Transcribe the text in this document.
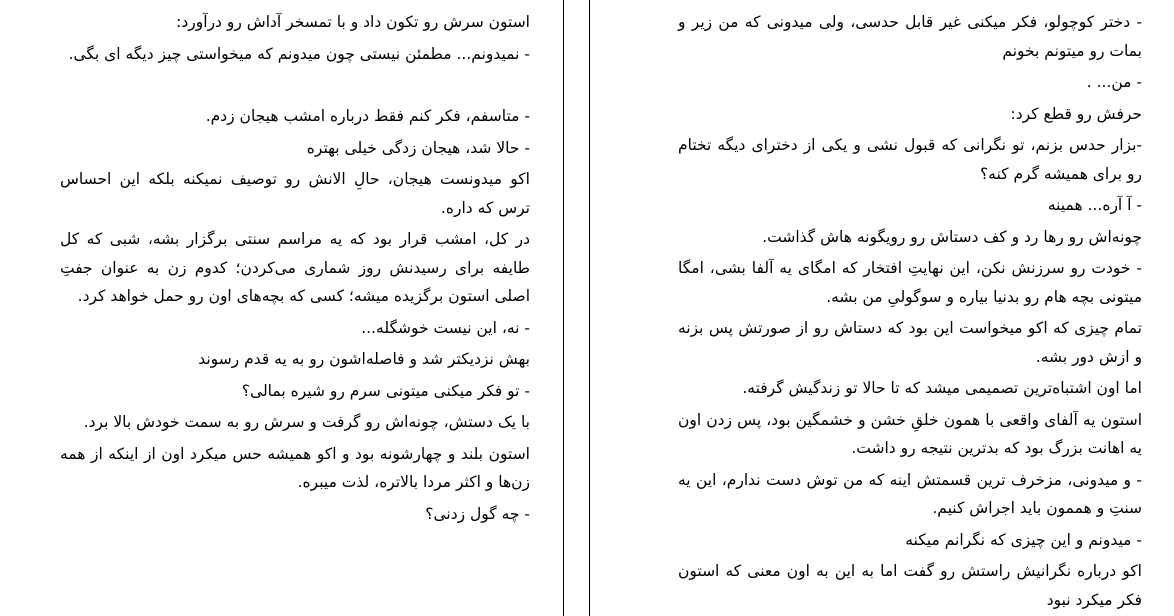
استون سرش رو تکون داد و با تمسخر آداش رو درآورد:

- نمیدونم... مطمئن نیستی چون میدونم که میخواستی چیز دیگه ای بگی.

- متاسفم، فکر کنم فقط درباره امشب هیجان زدم.

- حالا شد، هیجان زدگی خیلی بهتره

اکو میدونست هیجان، حالِ الانش رو توصیف نمیکنه بلکه این احساس ترس که داره.

در کل، امشب قرار بود که یه مراسم سنتی برگزار بشه، شبی که کل طایفه برای رسیدنش روز شماری می‌کردن؛ کدوم زن به عنوان جفتِ اصلی استون برگزیده میشه؛ کسی که بچه‌های اون رو حمل خواهد کرد.

- نه، این نیست خوشگله...

بهش نزدیکتر شد و فاصله‌اشون رو به یه قدم رسوند

- تو فکر میکنی میتونی سرم رو شیره بمالی؟

با یک دستش، چونه‌اش رو گرفت و سرش رو به سمت خودش بالا برد.

استون بلند و چهارشونه بود و اکو همیشه حس میکرد اون از اینکه از همه زن‌ها و اکثر مردا بالاتره، لذت میبره.

- چه گول زدنی؟

- دختر کوچولو، فکر میکنی غیر قابل حدسی، ولی میدونی که من زیر و بمات رو میتونم بخونم

- من... .

حرفش رو قطع کرد:

-بزار حدس بزنم، تو نگرانی که قبول نشی و یکی از دخترای دیگه تختام رو برای همیشه گرم کنه؟

- آ آره... همینه

چونه‌اش رو رها رد و کف دستاش رو رویگونه هاش گذاشت.

- خودت رو سرزنش نکن، این نهایتِ افتخار که امگای یه آلفا بشی، امگا میتونی بچه هام رو بدنیا بیاره و سوگولیِ من بشه.

تمام چیزی که اکو میخواست این بود که دستاش رو از صورتش پس بزنه و ازش دور بشه.

اما اون اشتباه‌ترین تصمیمی میشد که تا حالا تو زندگیش گرفته.

استون یه آلفای واقعی با همون خلقِ خشن و خشمگین بود، پس زدن اون یه اهانت بزرگ بود که بدترین نتیجه رو داشت.

- و میدونی، مزخرف ترین قسمتش اینه که من توش دست ندارم، این یه سنتِ و هممون باید اجراش کنیم.

- میدونم و این چیزی که نگرانم میکنه

اکو درباره نگرانیش راستش رو گفت اما به این به اون معنی که استون فکر میکرد نبود
